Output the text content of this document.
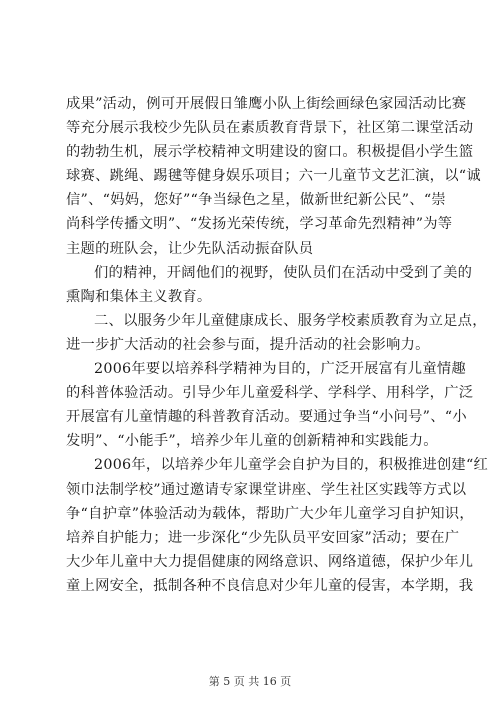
成果”活动，例可开展假日雏鹰小队上街绘画绿色家园活动比赛
等充分展示我校少先队员在素质教育背景下，社区第二课堂活动
的勃勃生机，展示学校精神文明建设的窗口。积极提倡小学生篮
球赛、跳绳、踢毽等健身娱乐项目；六一儿童节文艺汇演，以“诚
信”、“妈妈，您好”“争当绿色之星，做新世纪新公民”、“崇
尚科学传播文明”、“发扬光荣传统，学习革命先烈精神”为等
主题的班队会，让少先队活动振奋队员
们的精神，开阔他们的视野，使队员们在活动中受到了美的
熏陶和集体主义教育。
二、以服务少年儿童健康成长、服务学校素质教育为立足点，
进一步扩大活动的社会参与面，提升活动的社会影响力。
2006年要以培养科学精神为目的，广泛开展富有儿童情趣
的科普体验活动。引导少年儿童爱科学、学科学、用科学，广泛
开展富有儿童情趣的科普教育活动。要通过争当“小问号”、“小
发明”、“小能手”，培养少年儿童的创新精神和实践能力。
2006年，以培养少年儿童学会自护为目的，积极推进创建“红
领巾法制学校”通过邀请专家课堂讲座、学生社区实践等方式以
争“自护章”体验活动为载体，帮助广大少年儿童学习自护知识，
培养自护能力；进一步深化“少先队员平安回家”活动；要在广
大少年儿童中大力提倡健康的网络意识、网络道德，保护少年儿
童上网安全，抵制各种不良信息对少年儿童的侵害，本学期，我
第 5 页 共 16 页
